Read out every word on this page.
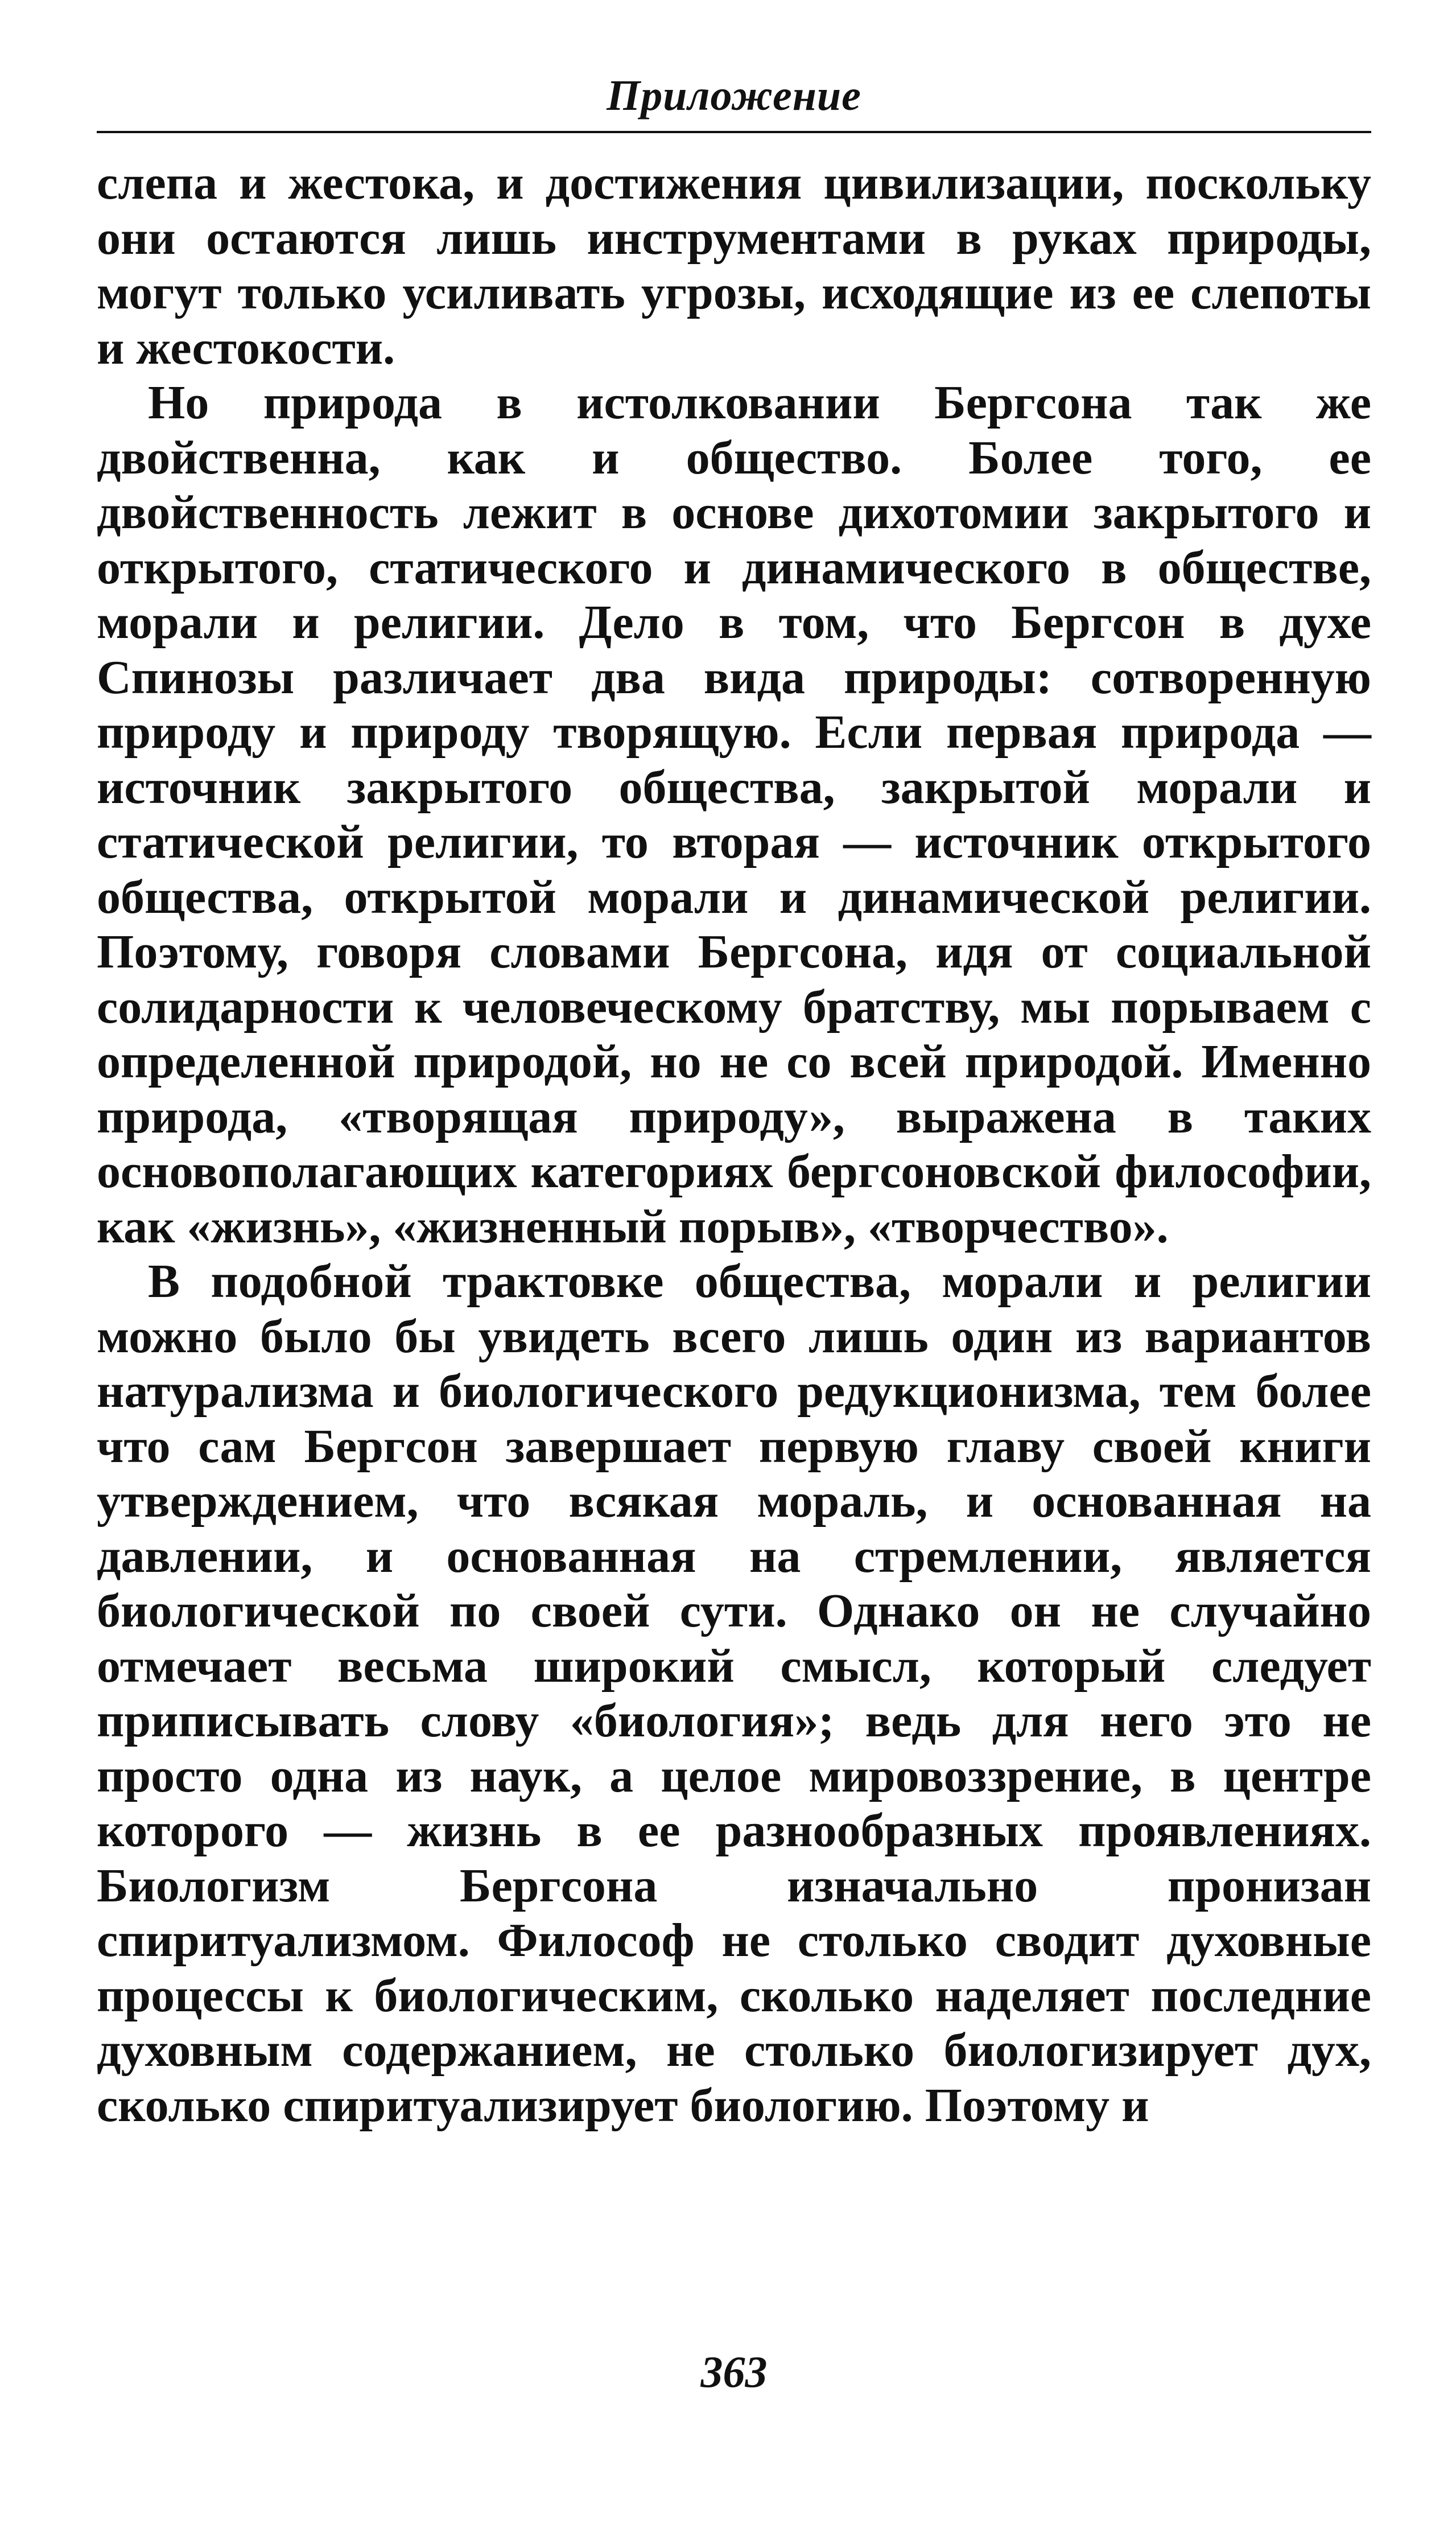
Приложение

слепа и жестока, и достижения цивилизации, поскольку они остаются лишь инструментами в руках природы, могут только усиливать угрозы, исходящие из ее слепоты и жестокости.

Но природа в истолковании Бергсона так же двойственна, как и общество. Более того, ее двойственность лежит в основе дихотомии закрытого и открытого, статического и динамического в обществе, морали и религии. Дело в том, что Бергсон в духе Спинозы различает два вида природы: сотворенную природу и природу творящую. Если первая природа — источник закрытого общества, закрытой морали и статической религии, то вторая — источник открытого общества, открытой морали и динамической религии. Поэтому, говоря словами Бергсона, идя от социальной солидарности к человеческому братству, мы порываем с определенной природой, но не со всей природой. Именно природа, «творящая природу», выражена в таких основополагающих категориях бергсоновской философии, как «жизнь», «жизненный порыв», «творчество».

В подобной трактовке общества, морали и религии можно было бы увидеть всего лишь один из вариантов натурализма и биологического редукционизма, тем более что сам Бергсон завершает первую главу своей книги утверждением, что всякая мораль, и основанная на давлении, и основанная на стремлении, является биологической по своей сути. Однако он не случайно отмечает весьма широкий смысл, который следует приписывать слову «биология»; ведь для него это не просто одна из наук, а целое мировоззрение, в центре которого — жизнь в ее разнообразных проявлениях. Биологизм Бергсона изначально пронизан спиритуализмом. Философ не столько сводит духовные процессы к биологическим, сколько наделяет последние духовным содержанием, не столько биологизирует дух, сколько спиритуализирует биологию. Поэтому и

363
